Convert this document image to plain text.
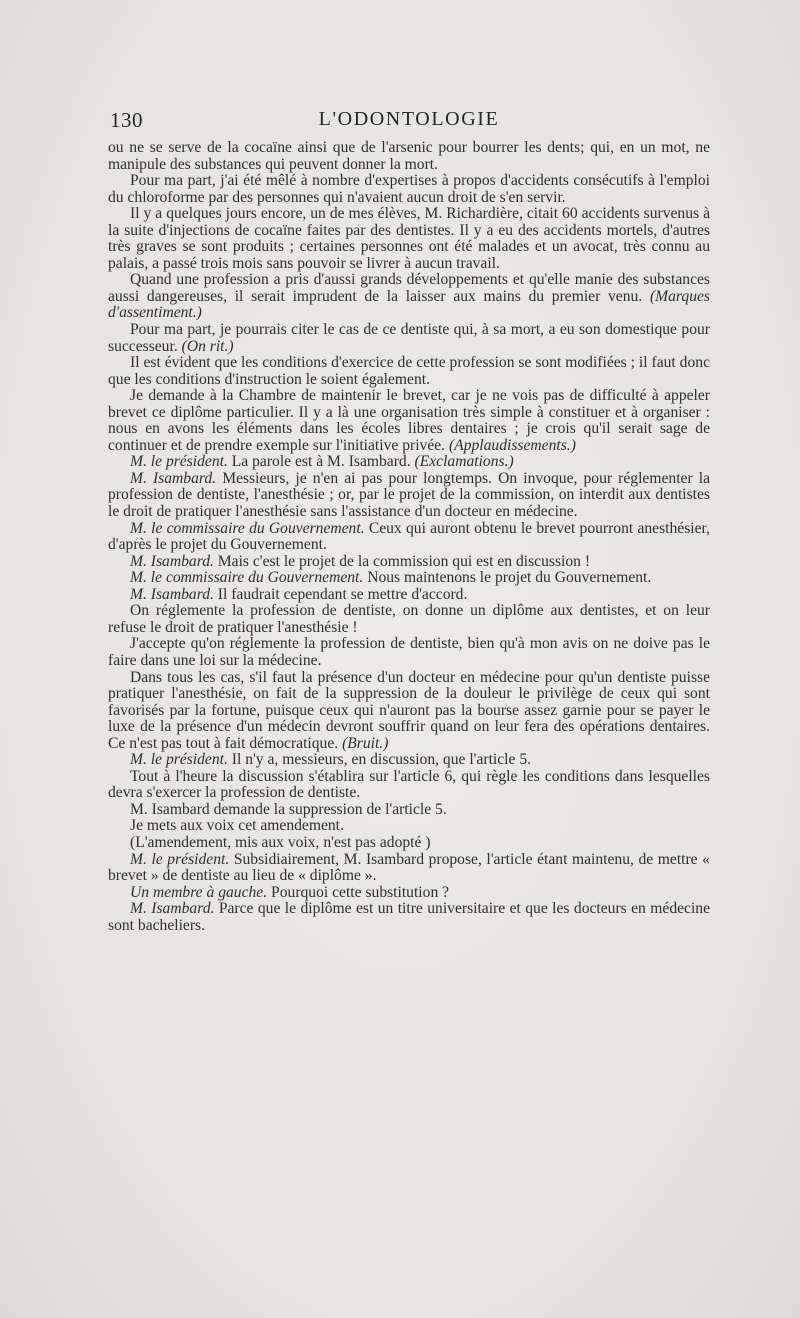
130	L'ODONTOLOGIE

ou ne se serve de la cocaïne ainsi que de l'arsenic pour bourrer les dents; qui, en un mot, ne manipule des substances qui peuvent donner la mort.

Pour ma part, j'ai été mêlé à nombre d'expertises à propos d'accidents consécutifs à l'emploi du chloroforme par des personnes qui n'avaient aucun droit de s'en servir.

Il y a quelques jours encore, un de mes élèves, M. Richardière, citait 60 accidents survenus à la suite d'injections de cocaïne faites par des dentistes. Il y a eu des accidents mortels, d'autres très graves se sont produits ; certaines personnes ont été malades et un avocat, très connu au palais, a passé trois mois sans pouvoir se livrer à aucun travail.

Quand une profession a pris d'aussi grands développements et qu'elle manie des substances aussi dangereuses, il serait imprudent de la laisser aux mains du premier venu. (Marques d'assentiment.)

Pour ma part, je pourrais citer le cas de ce dentiste qui, à sa mort, a eu son domestique pour successeur. (On rit.)

Il est évident que les conditions d'exercice de cette profession se sont modifiées ; il faut donc que les conditions d'instruction le soient également.

Je demande à la Chambre de maintenir le brevet, car je ne vois pas de difficulté à appeler brevet ce diplôme particulier. Il y a là une organisation très simple à constituer et à organiser : nous en avons les éléments dans les écoles libres dentaires ; je crois qu'il serait sage de continuer et de prendre exemple sur l'initiative privée. (Applaudissements.)

M. le président. La parole est à M. Isambard. (Exclamations.)

M. Isambard. Messieurs, je n'en ai pas pour longtemps. On invoque, pour réglementer la profession de dentiste, l'anesthésie ; or, par le projet de la commission, on interdit aux dentistes le droit de pratiquer l'anesthésie sans l'assistance d'un docteur en médecine.

M. le commissaire du Gouvernement. Ceux qui auront obtenu le brevet pourront anesthésier, d'après le projet du Gouvernement.

M. Isambard. Mais c'est le projet de la commission qui est en discussion !

M. le commissaire du Gouvernement. Nous maintenons le projet du Gouvernement.

M. Isambard. Il faudrait cependant se mettre d'accord.

On réglemente la profession de dentiste, on donne un diplôme aux dentistes, et on leur refuse le droit de pratiquer l'anesthésie !

J'accepte qu'on réglemente la profession de dentiste, bien qu'à mon avis on ne doive pas le faire dans une loi sur la médecine.

Dans tous les cas, s'il faut la présence d'un docteur en médecine pour qu'un dentiste puisse pratiquer l'anesthésie, on fait de la suppression de la douleur le privilège de ceux qui sont favorisés par la fortune, puisque ceux qui n'auront pas la bourse assez garnie pour se payer le luxe de la présence d'un médecin devront souffrir quand on leur fera des opérations dentaires. Ce n'est pas tout à fait démocratique. (Bruit.)

M. le président. Il n'y a, messieurs, en discussion, que l'article 5.

Tout à l'heure la discussion s'établira sur l'article 6, qui règle les conditions dans lesquelles devra s'exercer la profession de dentiste.

M. Isambard demande la suppression de l'article 5.

Je mets aux voix cet amendement.

(L'amendement, mis aux voix, n'est pas adopté )

M. le président. Subsidiairement, M. Isambard propose, l'article étant maintenu, de mettre « brevet » de dentiste au lieu de « diplôme ».

Un membre à gauche. Pourquoi cette substitution ?

M. Isambard. Parce que le diplôme est un titre universitaire et que les docteurs en médecine sont bacheliers.
